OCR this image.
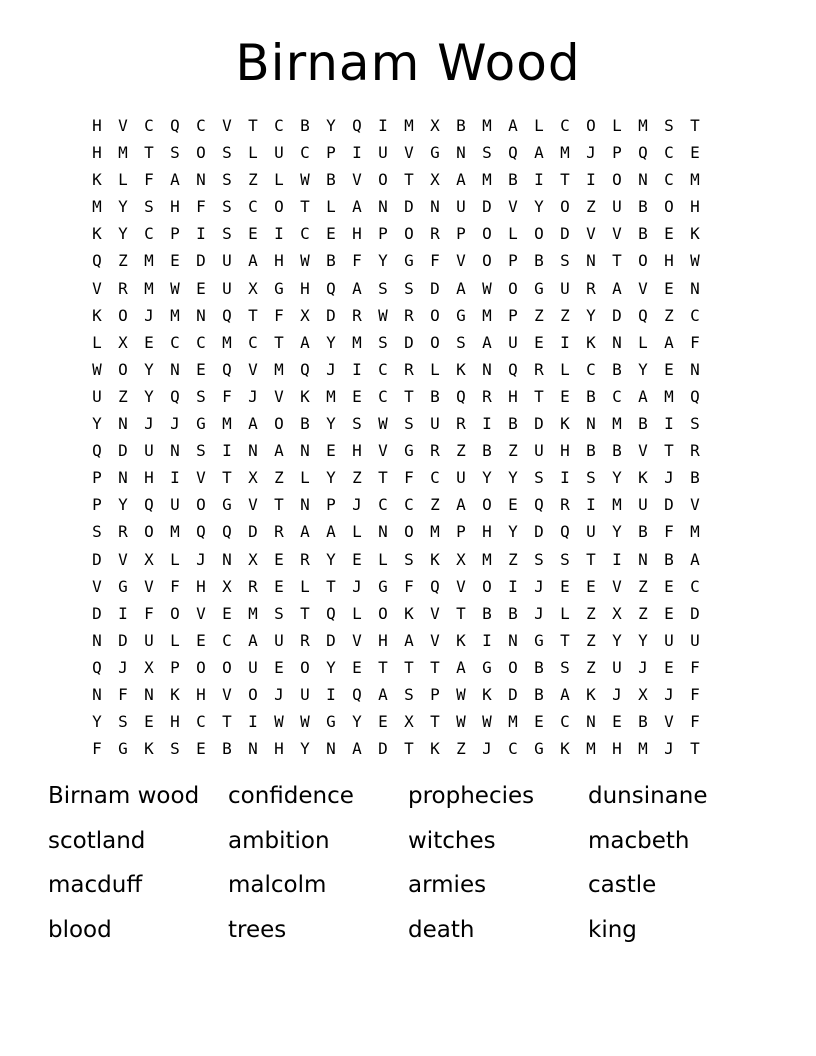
Birnam Wood
H	V	C	Q	C	V	T	C	B	Y	Q	I	M	X	B	M	A	L	C	O	L	M	S	T
H	M	T	S	O	S	L	U	C	P	I	U	V	G	N	S	Q	A	M	J	P	Q	C	E
K	L	F	A	N	S	Z	L	W	B	V	O	T	X	A	M	B	I	T	I	O	N	C	M
M	Y	S	H	F	S	C	O	T	L	A	N	D	N	U	D	V	Y	O	Z	U	B	O	H
K	Y	C	P	I	S	E	I	C	E	H	P	O	R	P	O	L	O	D	V	V	B	E	K
Q	Z	M	E	D	U	A	H	W	B	F	Y	G	F	V	O	P	B	S	N	T	O	H	W
V	R	M	W	E	U	X	G	H	Q	A	S	S	D	A	W	O	G	U	R	A	V	E	N
K	O	J	M	N	Q	T	F	X	D	R	W	R	O	G	M	P	Z	Z	Y	D	Q	Z	C
L	X	E	C	C	M	C	T	A	Y	M	S	D	O	S	A	U	E	I	K	N	L	A	F
W	O	Y	N	E	Q	V	M	Q	J	I	C	R	L	K	N	Q	R	L	C	B	Y	E	N
U	Z	Y	Q	S	F	J	V	K	M	E	C	T	B	Q	R	H	T	E	B	C	A	M	Q
Y	N	J	J	G	M	A	O	B	Y	S	W	S	U	R	I	B	D	K	N	M	B	I	S
Q	D	U	N	S	I	N	A	N	E	H	V	G	R	Z	B	Z	U	H	B	B	V	T	R
P	N	H	I	V	T	X	Z	L	Y	Z	T	F	C	U	Y	Y	S	I	S	Y	K	J	B
P	Y	Q	U	O	G	V	T	N	P	J	C	C	Z	A	O	E	Q	R	I	M	U	D	V
S	R	O	M	Q	Q	D	R	A	A	L	N	O	M	P	H	Y	D	Q	U	Y	B	F	M
D	V	X	L	J	N	X	E	R	Y	E	L	S	K	X	M	Z	S	S	T	I	N	B	A
V	G	V	F	H	X	R	E	L	T	J	G	F	Q	V	O	I	J	E	E	V	Z	E	C
D	I	F	O	V	E	M	S	T	Q	L	O	K	V	T	B	B	J	L	Z	X	Z	E	D
N	D	U	L	E	C	A	U	R	D	V	H	A	V	K	I	N	G	T	Z	Y	Y	U	U
Q	J	X	P	O	O	U	E	O	Y	E	T	T	T	A	G	O	B	S	Z	U	J	E	F
N	F	N	K	H	V	O	J	U	I	Q	A	S	P	W	K	D	B	A	K	J	X	J	F
Y	S	E	H	C	T	I	W	W	G	Y	E	X	T	W	W	M	E	C	N	E	B	V	F
F	G	K	S	E	B	N	H	Y	N	A	D	T	K	Z	J	C	G	K	M	H	M	J	T
Birnam wood	confidence	prophecies	dunsinane
scotland	ambition	witches	macbeth
macduff	malcolm	armies	castle
blood	trees	death	king
